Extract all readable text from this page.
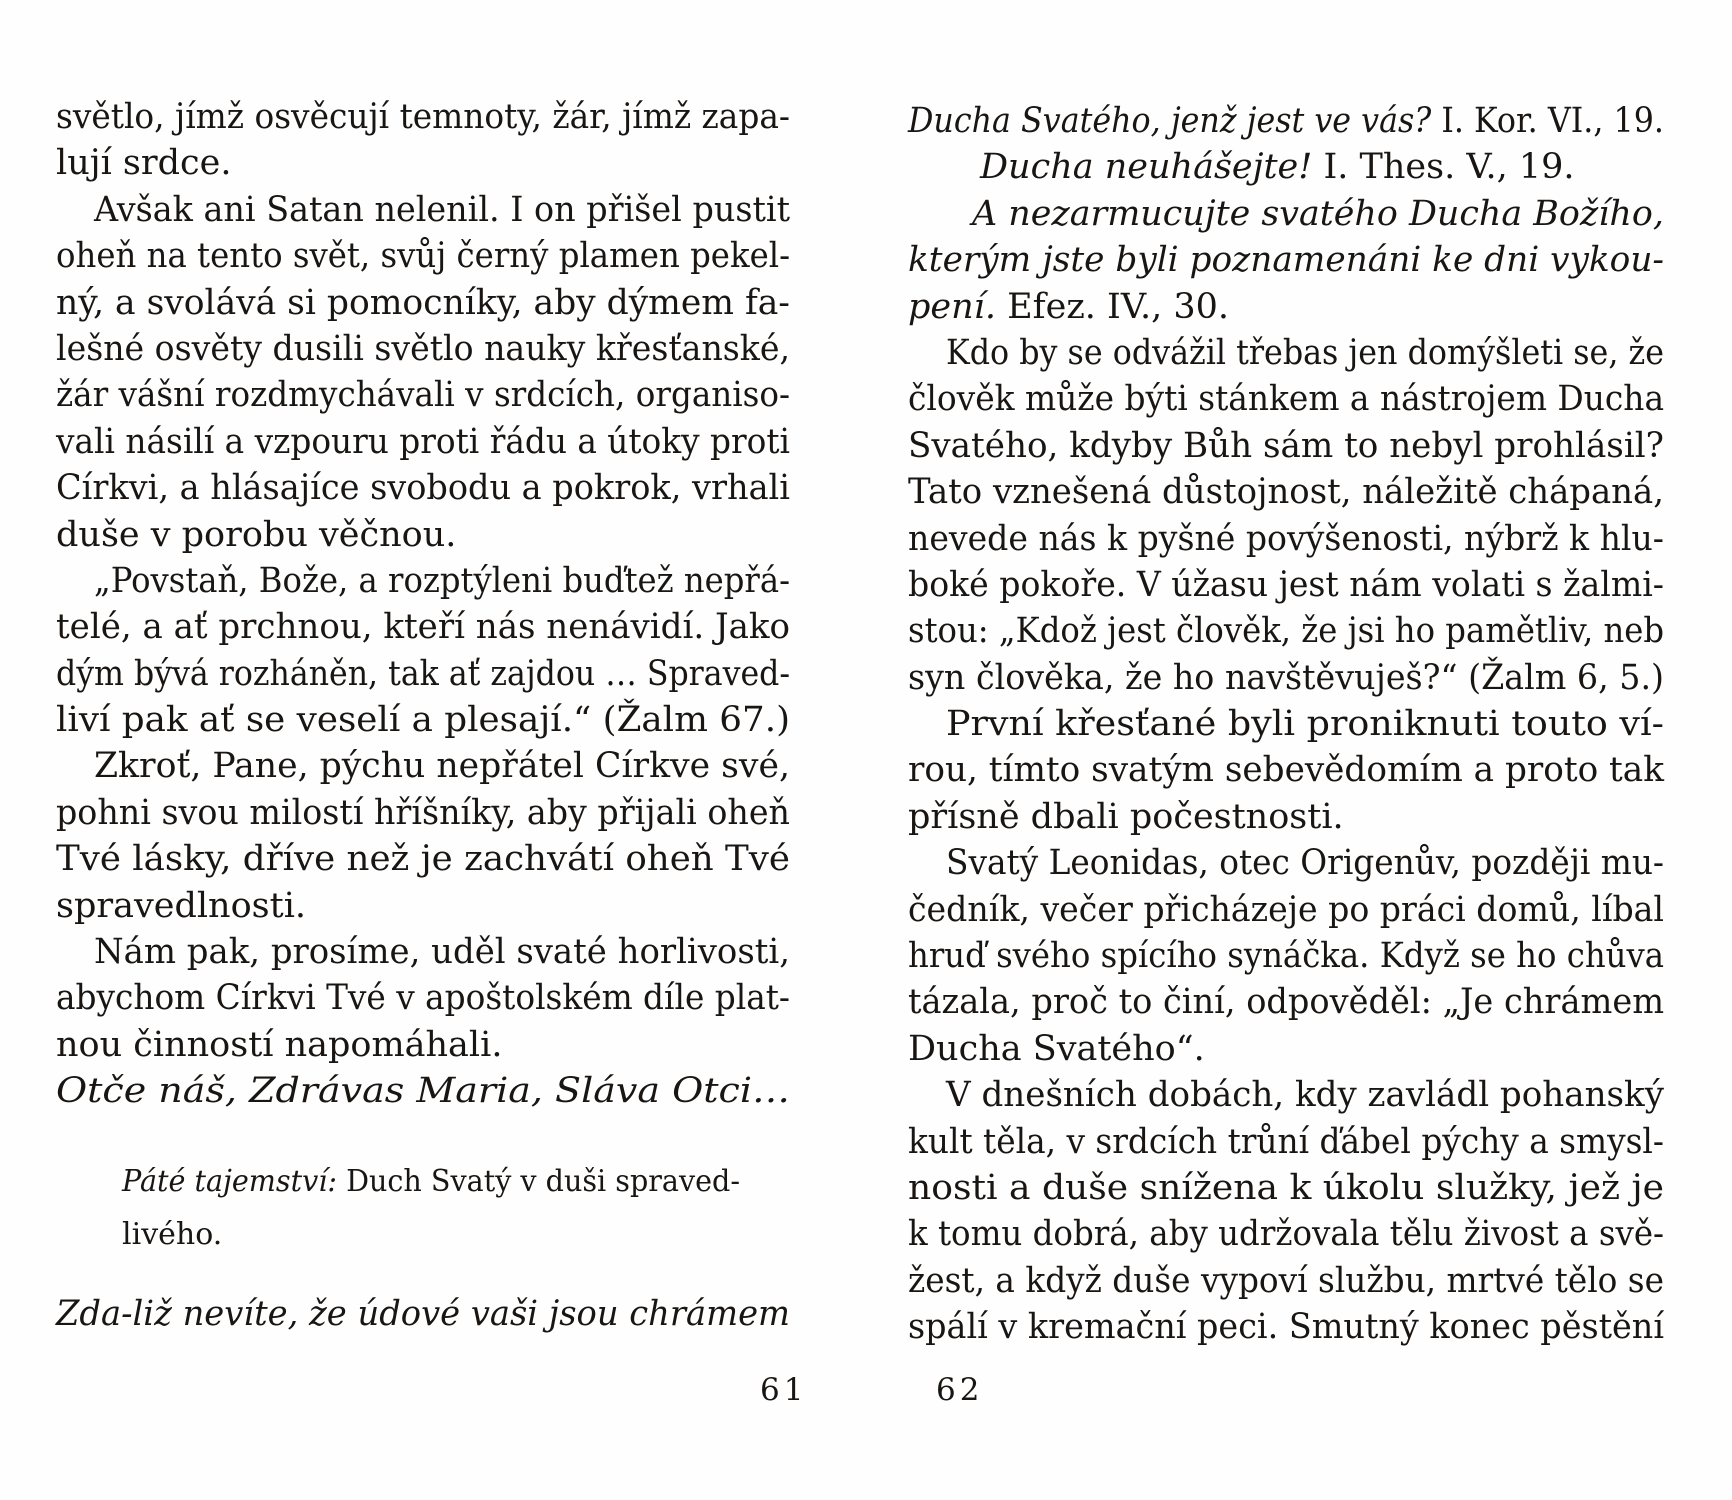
světlo, jímž osvěcují temnoty, žár, jímž zapa-
lují srdce.
Avšak ani Satan nelenil. I on přišel pustit
oheň na tento svět, svůj černý plamen pekel-
ný, a svolává si pomocníky, aby dýmem fa-
lešné osvěty dusili světlo nauky křesťanské,
žár vášní rozdmychávali v srdcích, organiso-
vali násilí a vzpouru proti řádu a útoky proti
Církvi, a hlásajíce svobodu a pokrok, vrhali
duše v porobu věčnou.
„Povstaň, Bože, a rozptýleni buďtež nepřá-
telé, a ať prchnou, kteří nás nenávidí. Jako
dým bývá rozháněn, tak ať zajdou … Spraved-
liví pak ať se veselí a plesají.“ (Žalm 67.)
Zkroť, Pane, pýchu nepřátel Církve své,
pohni svou milostí hříšníky, aby přijali oheň
Tvé lásky, dříve než je zachvátí oheň Tvé
spravedlnosti.
Nám pak, prosíme, uděl svaté horlivosti,
abychom Církvi Tvé v apoštolském díle plat-
nou činností napomáhali.
Otče náš, Zdrávas Maria, Sláva Otci…
Páté tajemství: Duch Svatý v duši spraved-
livého.
Zda-liž nevíte, že údové vaši jsou chrámem
61
Ducha Svatého, jenž jest ve vás? I. Kor. VI., 19.
Ducha neuhášejte! I. Thes. V., 19.
A nezarmucujte svatého Ducha Božího,
kterým jste byli poznamenáni ke dni vykou-
pení. Efez. IV., 30.
Kdo by se odvážil třebas jen domýšleti se, že
člověk může býti stánkem a nástrojem Ducha
Svatého, kdyby Bůh sám to nebyl prohlásil?
Tato vznešená důstojnost, náležitě chápaná,
nevede nás k pyšné povýšenosti, nýbrž k hlu-
boké pokoře. V úžasu jest nám volati s žalmi-
stou: „Kdož jest člověk, že jsi ho pamětliv, neb
syn člověka, že ho navštěvuješ?“ (Žalm 6, 5.)
První křesťané byli proniknuti touto ví-
rou, tímto svatým sebevědomím a proto tak
přísně dbali počestnosti.
Svatý Leonidas, otec Origenův, později mu-
čedník, večer přicházeje po práci domů, líbal
hruď svého spícího synáčka. Když se ho chůva
tázala, proč to činí, odpověděl: „Je chrámem
Ducha Svatého“.
V dnešních dobách, kdy zavládl pohanský
kult těla, v srdcích trůní ďábel pýchy a smysl-
nosti a duše snížena k úkolu služky, jež je
k tomu dobrá, aby udržovala tělu živost a svě-
žest, a když duše vypoví službu, mrtvé tělo se
spálí v kremační peci. Smutný konec pěstění
62
